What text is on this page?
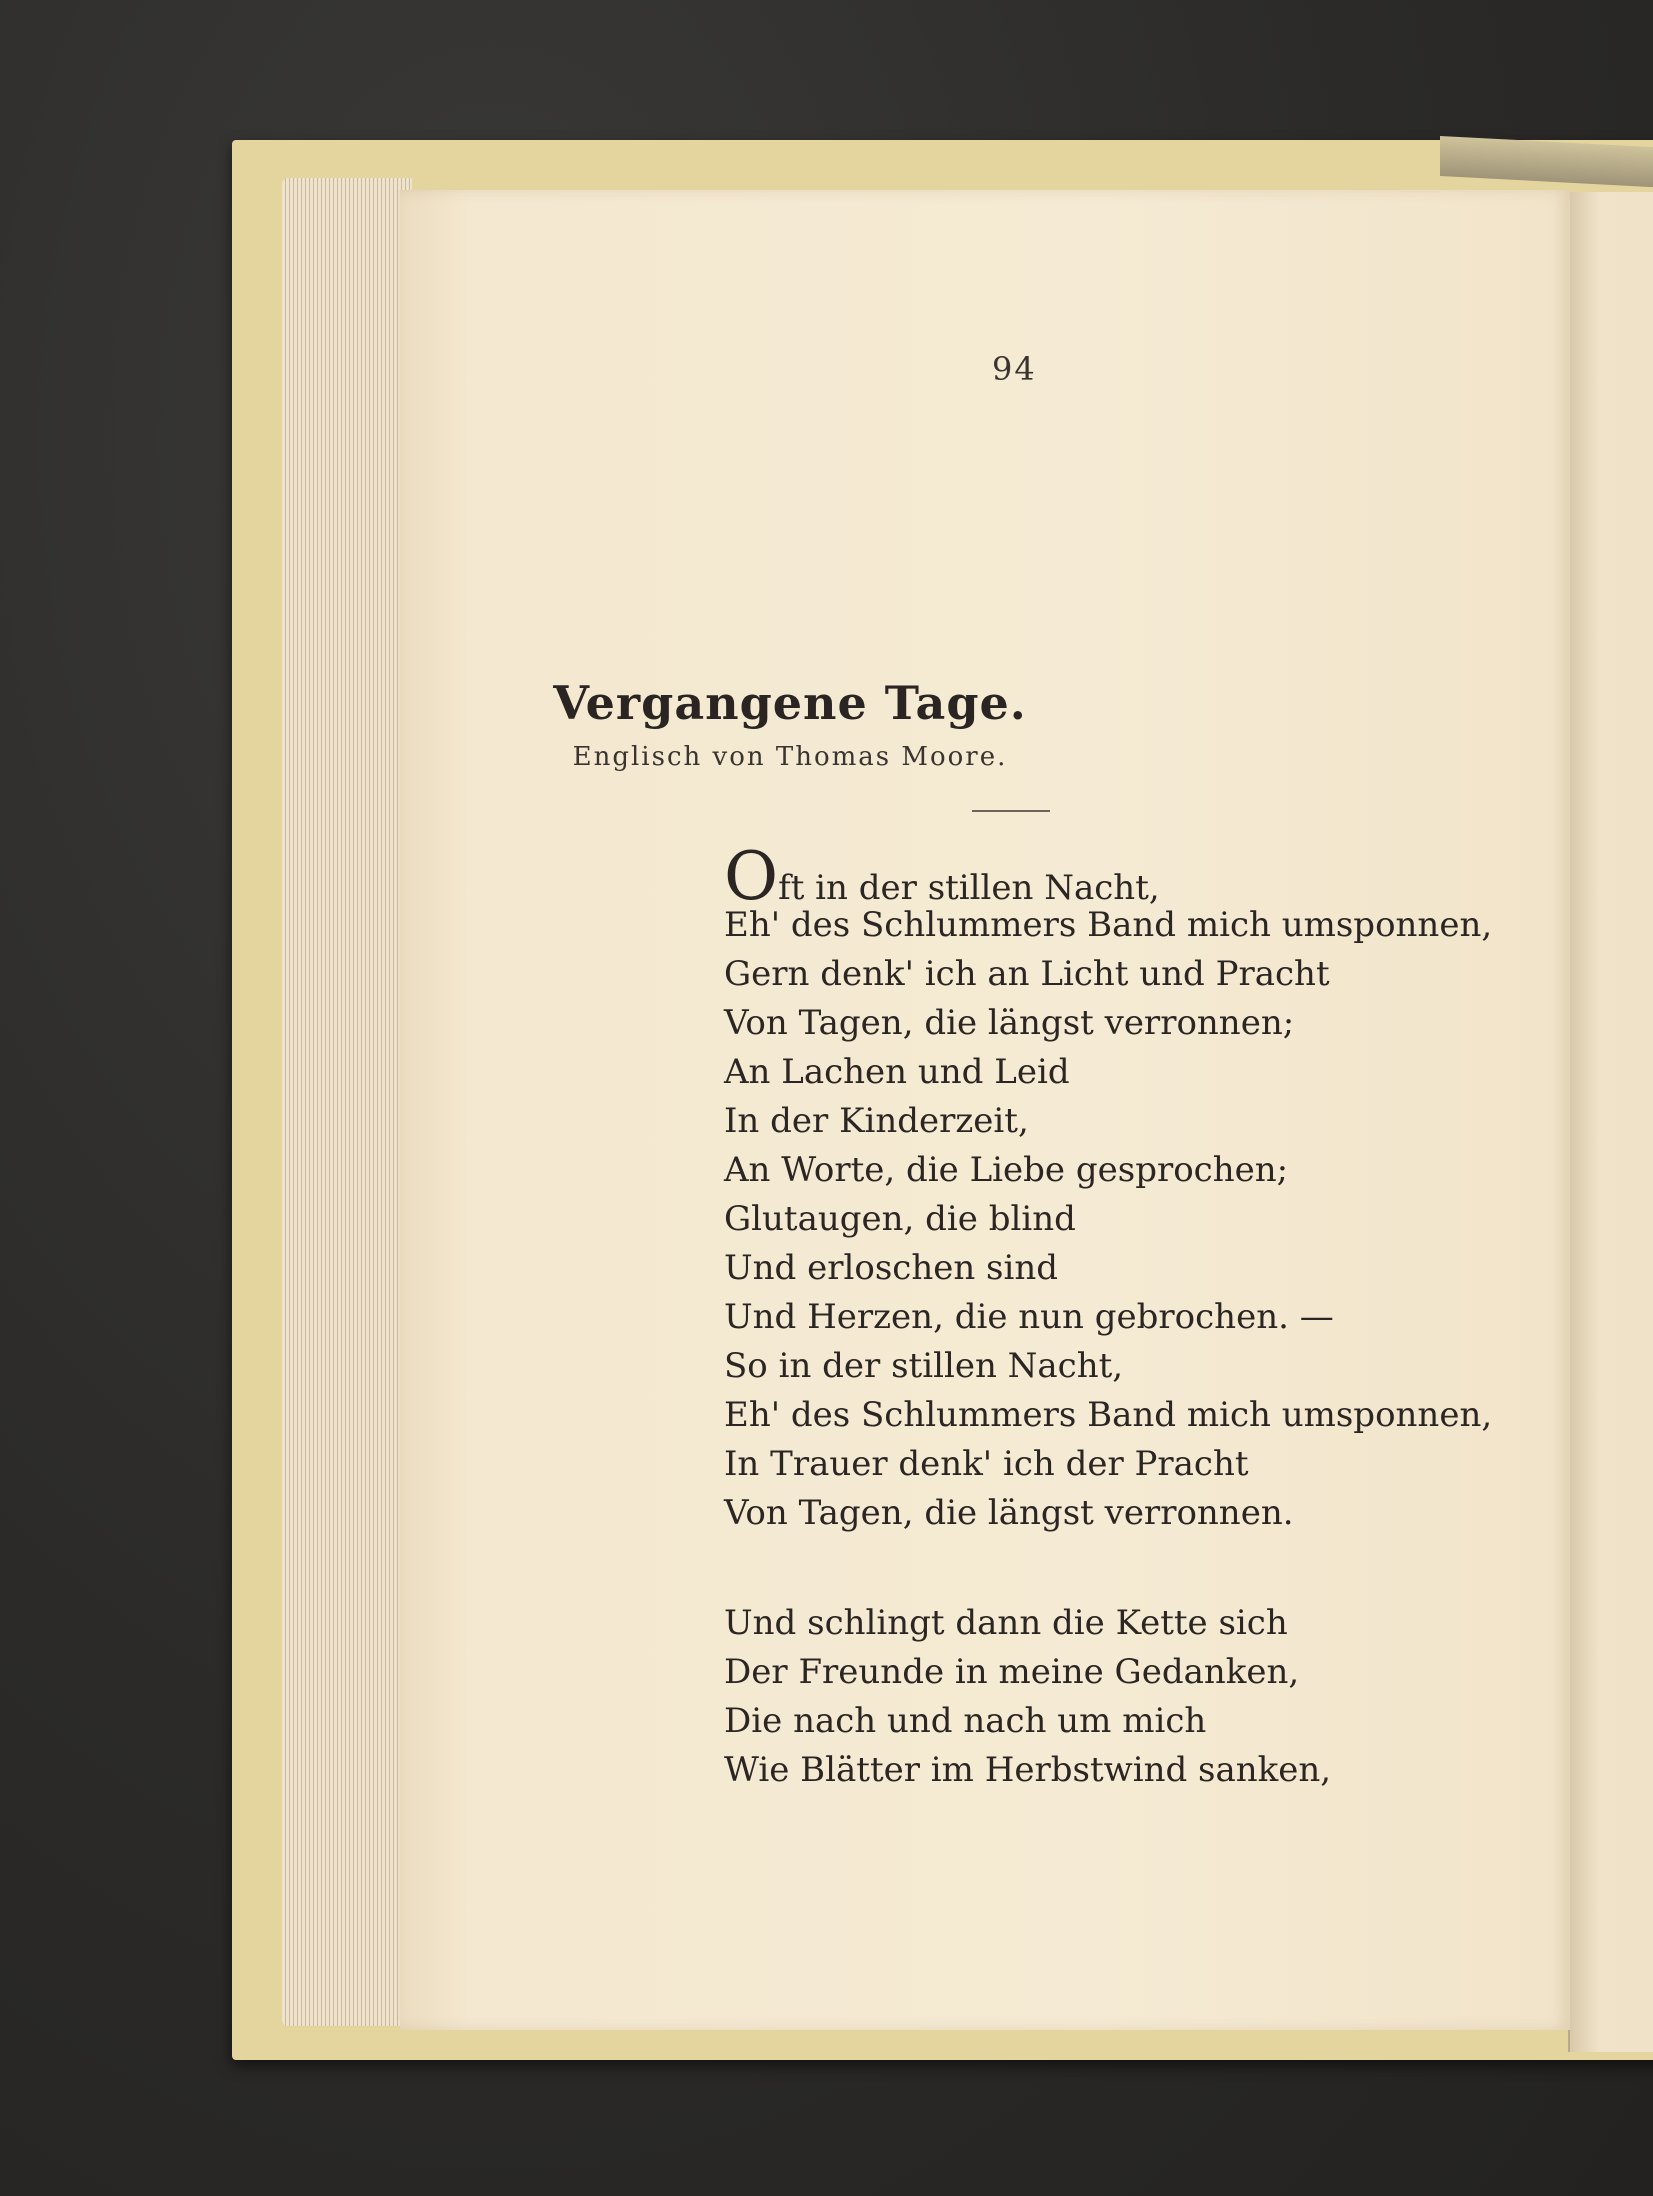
94
Vergangene Tage.
Englisch von Thomas Moore.
Oft in der stillen Nacht,
Eh' des Schlummers Band mich umsponnen,
Gern denk' ich an Licht und Pracht
Von Tagen, die längst verronnen;
An Lachen und Leid
In der Kinderzeit,
An Worte, die Liebe gesprochen;
Glutaugen, die blind
Und erloschen sind
Und Herzen, die nun gebrochen. —
So in der stillen Nacht,
Eh' des Schlummers Band mich umsponnen,
In Trauer denk' ich der Pracht
Von Tagen, die längst verronnen.
Und schlingt dann die Kette sich
Der Freunde in meine Gedanken,
Die nach und nach um mich
Wie Blätter im Herbstwind sanken,
